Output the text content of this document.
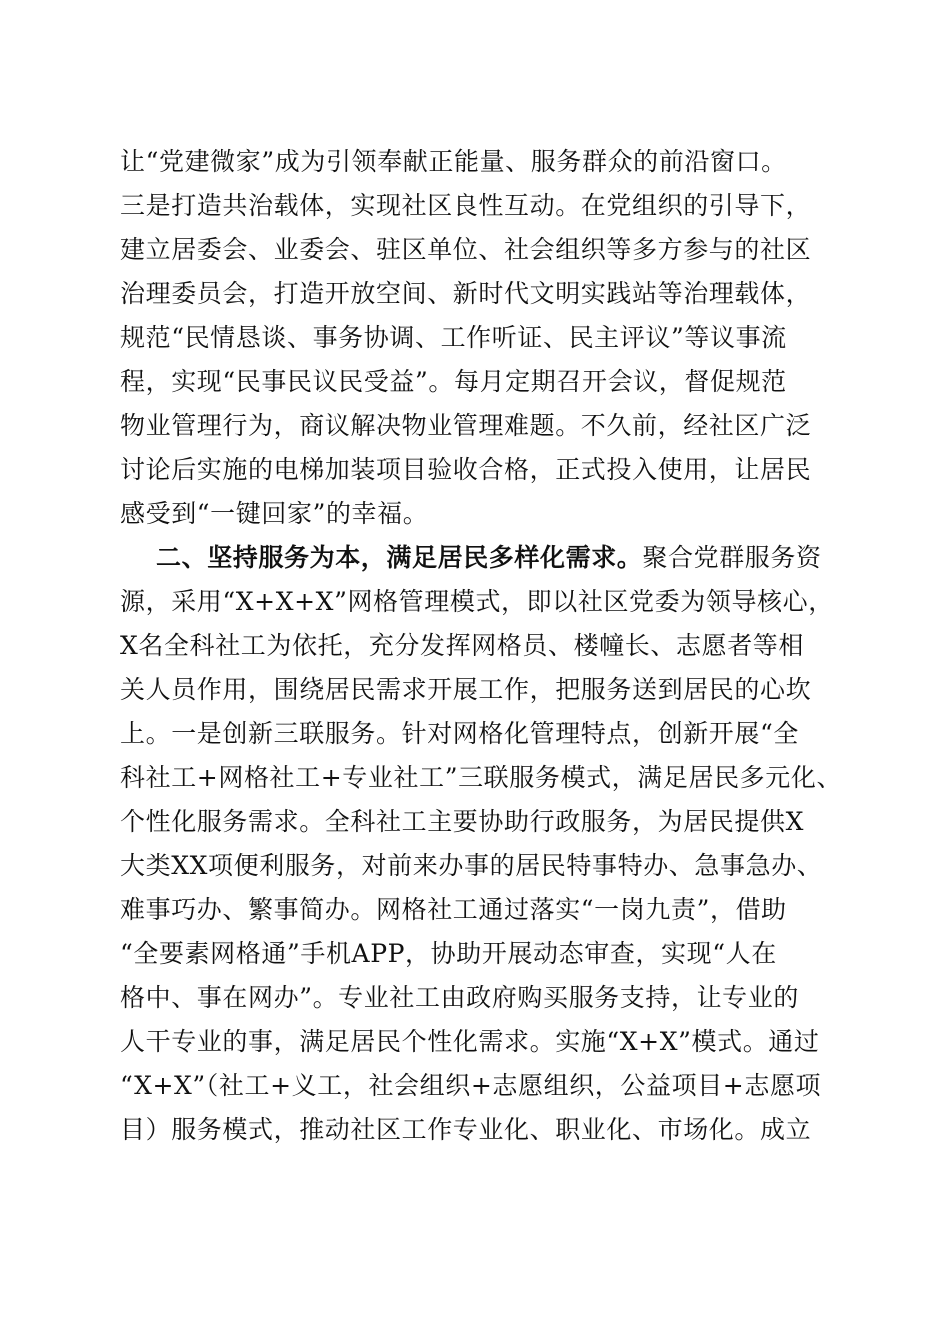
让“党建微家”成为引领奉献正能量、服务群众的前沿窗口。
三是打造共治载体，实现社区良性互动。在党组织的引导下，
建立居委会、业委会、驻区单位、社会组织等多方参与的社区
治理委员会，打造开放空间、新时代文明实践站等治理载体，
规范“民情恳谈、事务协调、工作听证、民主评议”等议事流
程，实现“民事民议民受益”。每月定期召开会议，督促规范
物业管理行为，商议解决物业管理难题。不久前，经社区广泛
讨论后实施的电梯加装项目验收合格，正式投入使用，让居民
感受到“一键回家”的幸福。
二、坚持服务为本，满足居民多样化需求。聚合党群服务资
源，采用“X+X+X”网格管理模式，即以社区党委为领导核心，
X名全科社工为依托，充分发挥网格员、楼幢长、志愿者等相
关人员作用，围绕居民需求开展工作，把服务送到居民的心坎
上。一是创新三联服务。针对网格化管理特点，创新开展“全
科社工+网格社工+专业社工”三联服务模式，满足居民多元化、
个性化服务需求。全科社工主要协助行政服务，为居民提供X
大类XX项便利服务，对前来办事的居民特事特办、急事急办、
难事巧办、繁事简办。网格社工通过落实“一岗九责”，借助
“全要素网格通”手机APP，协助开展动态审查，实现“人在
格中、事在网办”。专业社工由政府购买服务支持，让专业的
人干专业的事，满足居民个性化需求。实施“X+X”模式。通过
“X+X”（社工+义工，社会组织+志愿组织，公益项目+志愿项
目）服务模式，推动社区工作专业化、职业化、市场化。成立
